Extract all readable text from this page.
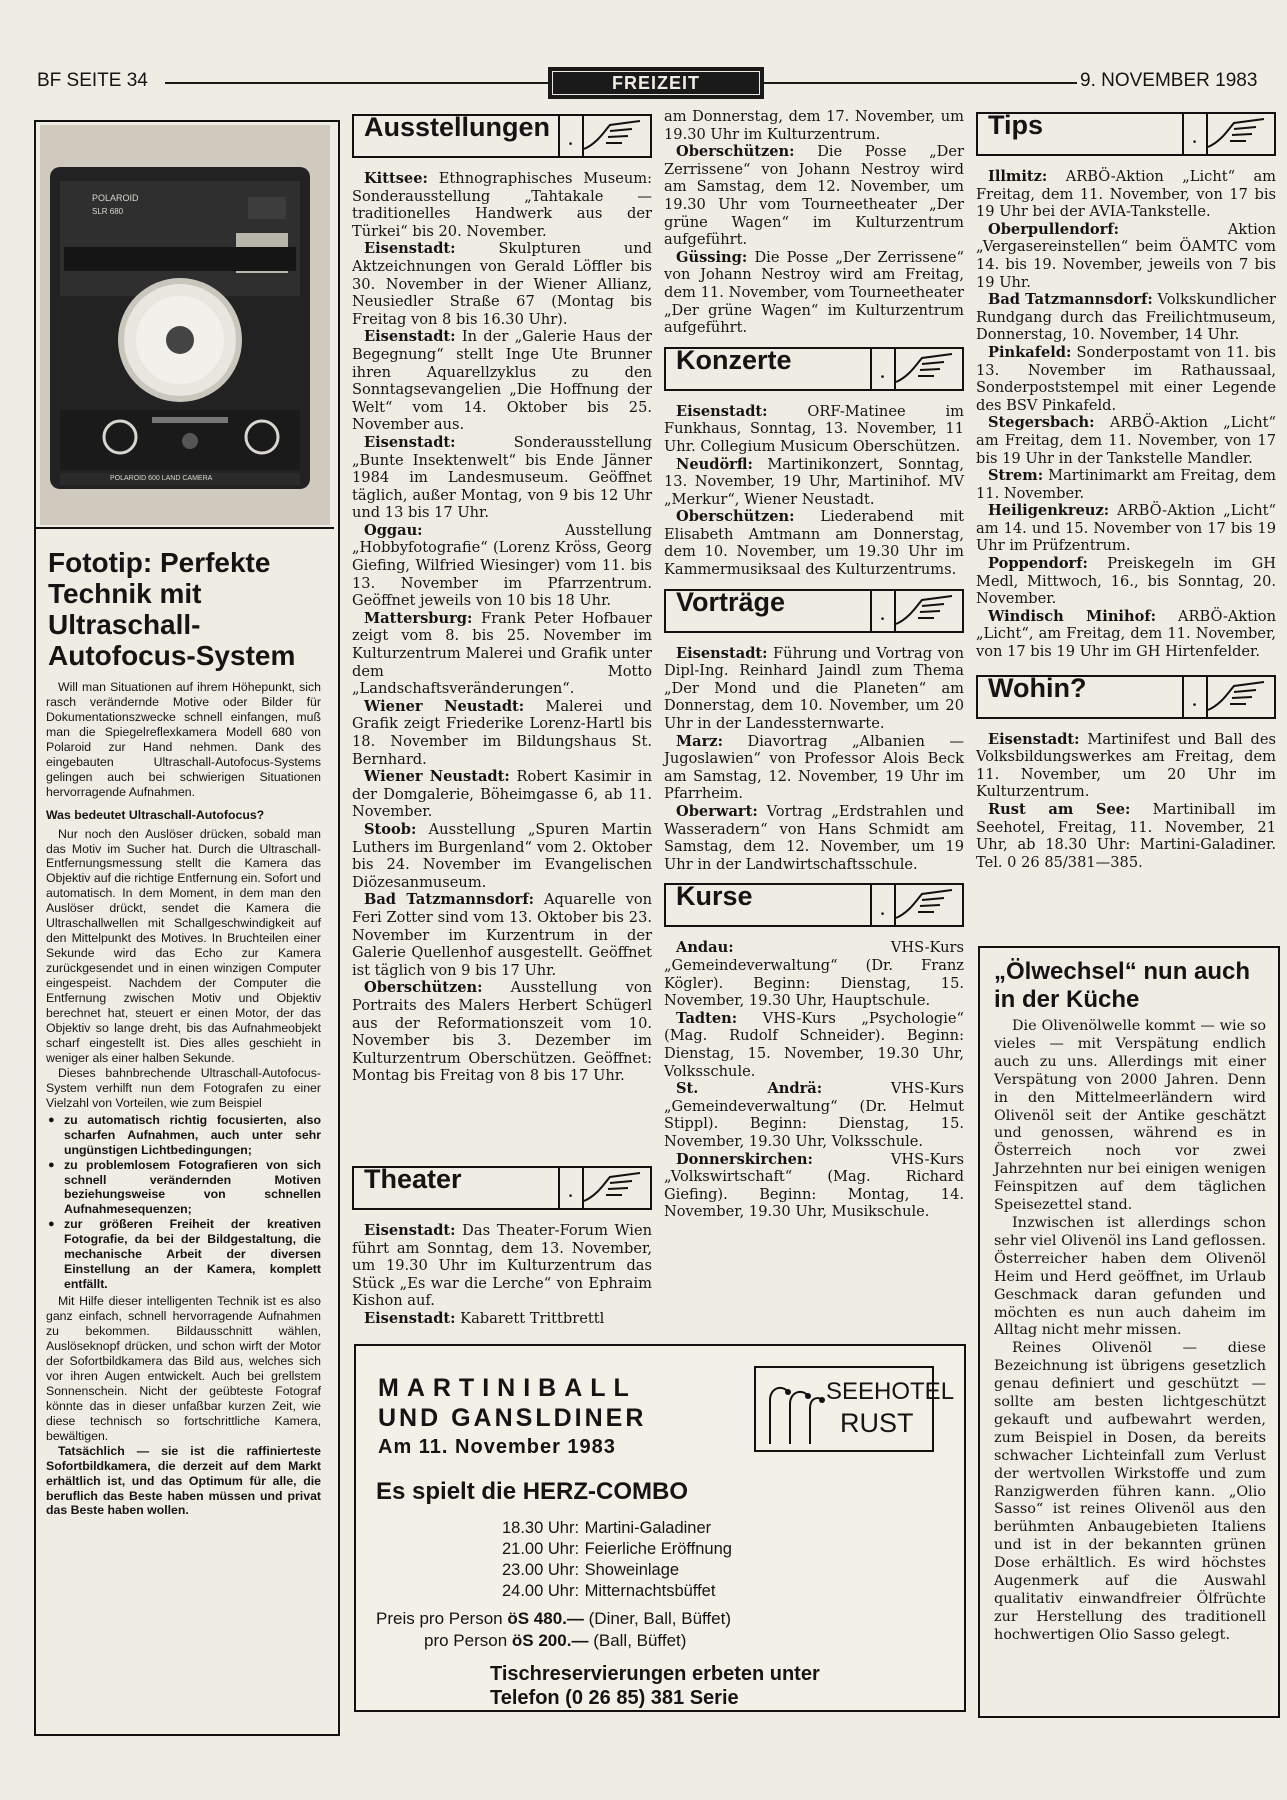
BF SEITE 34	FREIZEIT	9. NOVEMBER 1983
POLAROID
SLR 680
POLAROID 600 LAND CAMERA
Fototip: Perfekte Technik mit Ultraschall-Autofocus-System

Will man Situationen auf ihrem Höhepunkt, sich rasch verändernde Motive oder Bilder für Dokumentationszwecke schnell einfangen, muß man die Spiegelreflexkamera Modell 680 von Polaroid zur Hand nehmen. Dank des eingebauten Ultraschall-Autofocus-Systems gelingen auch bei schwierigen Situationen hervorragende Aufnahmen.

Was bedeutet Ultraschall-Autofocus?

Nur noch den Auslöser drücken, sobald man das Motiv im Sucher hat. Durch die Ultraschall-Entfernungsmessung stellt die Kamera das Objektiv auf die richtige Entfernung ein. Sofort und automatisch. In dem Moment, in dem man den Auslöser drückt, sendet die Kamera die Ultraschallwellen mit Schallgeschwindigkeit auf den Mittelpunkt des Motives. In Bruchteilen einer Sekunde wird das Echo zur Kamera zurückgesendet und in einen winzigen Computer eingespeist. Nachdem der Computer die Entfernung zwischen Motiv und Objektiv berechnet hat, steuert er einen Motor, der das Objektiv so lange dreht, bis das Aufnahmeobjekt scharf eingestellt ist. Dies alles geschieht in weniger als einer halben Sekunde.

Dieses bahnbrechende Ultraschall-Autofocus-System verhilft nun dem Fotografen zu einer Vielzahl von Vorteilen, wie zum Beispiel

● zu automatisch richtig focusierten, also scharfen Aufnahmen, auch unter sehr ungünstigen Lichtbedingungen;
● zu problemlosem Fotografieren von sich schnell verändernden Motiven beziehungsweise von schnellen Aufnahmesequenzen;
● zur größeren Freiheit der kreativen Fotografie, da bei der Bildgestaltung, die mechanische Arbeit der diversen Einstellung an der Kamera, komplett entfällt.

Mit Hilfe dieser intelligenten Technik ist es also ganz einfach, schnell hervorragende Aufnahmen zu bekommen. Bildausschnitt wählen, Auslöseknopf drücken, und schon wirft der Motor der Sofortbildkamera das Bild aus, welches sich vor ihren Augen entwickelt. Auch bei grellstem Sonnenschein. Nicht der geübteste Fotograf könnte das in dieser unfaßbar kurzen Zeit, wie diese technisch so fortschrittliche Kamera, bewältigen.

Tatsächlich — sie ist die raffinierteste Sofortbildkamera, die derzeit auf dem Markt erhältlich ist, und das Optimum für alle, die beruflich das Beste haben müssen und privat das Beste haben wollen.

Ausstellungen .

Kittsee: Ethnographisches Museum: Sonderausstellung „Tahtakale — traditionelles Handwerk aus der Türkei“ bis 20. November.

Eisenstadt:	Skulpturen und Aktzeichnungen von Gerald Löffler bis 30. November in der Wiener Allianz, Neusiedler Straße 67 (Montag bis Freitag von 8 bis 16.30 Uhr).

Eisenstadt: In der „Galerie Haus der Begegnung“ stellt Inge Ute Brunner ihren Aquarellzyklus zu den Sonntagsevangelien „Die Hoffnung der Welt“ vom 14. Oktober bis 25. November aus.

Eisenstadt:	Sonderausstellung „Bunte Insektenwelt“ bis Ende Jänner 1984 im Landesmuseum. Geöffnet täglich, außer Montag, von 9 bis 12 Uhr und 13 bis 17 Uhr.

Oggau:	Ausstellung „Hobbyfotografie“ (Lorenz Kröss, Georg Giefing, Wilfried Wiesinger) vom 11. bis 13. November im Pfarrzentrum. Geöffnet jeweils von 10 bis 18 Uhr.

Mattersburg: Frank Peter Hofbauer zeigt vom 8. bis 25. November im Kulturzentrum Malerei und Grafik unter dem Motto „Landschaftsveränderungen“.

Wiener Neustadt: Malerei und Grafik zeigt Friederike Lorenz-Hartl bis 18. November im Bildungshaus St. Bernhard.

Wiener Neustadt: Robert Kasimir in der Domgalerie, Böheimgasse 6, ab 11. November.

Stoob: Ausstellung „Spuren Martin Luthers im Burgenland“ vom 2. Oktober bis 24. November im Evangelischen Diözesanmuseum.

Bad Tatzmannsdorf: Aquarelle von Feri Zotter sind vom 13. Oktober bis 23. November im Kurzentrum in der Galerie Quellenhof ausgestellt. Geöffnet ist täglich von 9 bis 17 Uhr.

Oberschützen: Ausstellung von Portraits des Malers Herbert Schügerl aus der Reformationszeit vom 10. November bis 3. Dezember im Kulturzentrum Oberschützen. Geöffnet: Montag bis Freitag von 8 bis 17 Uhr.

Theater	.

Eisenstadt: Das Theater-Forum Wien führt am Sonntag, dem 13. November, um 19.30 Uhr im Kulturzentrum das Stück „Es war die Lerche“ von Ephraim Kishon auf.

Eisenstadt: Kabarett Trittbrettl

am Donnerstag, dem 17. November, um 19.30 Uhr im Kulturzentrum.

Oberschützen: Die Posse „Der Zerrissene“ von Johann Nestroy wird am Samstag, dem 12. November, um 19.30 Uhr vom Tourneetheater „Der grüne Wagen“ im Kulturzentrum aufgeführt.

Güssing: Die Posse „Der Zerrissene“ von Johann Nestroy wird am Freitag, dem 11. November, vom Tourneetheater „Der grüne Wagen“ im Kulturzentrum aufgeführt.

Konzerte	.

Eisenstadt:	ORF-Matinee im Funkhaus, Sonntag, 13. November, 11 Uhr. Collegium Musicum Oberschützen.

Neudörfl: Martinikonzert, Sonntag, 13. November, 19 Uhr, Martinihof. MV „Merkur“, Wiener Neustadt.

Oberschützen: Liederabend mit Elisabeth Amtmann am Donnerstag, dem 10. November, um 19.30 Uhr im Kammermusiksaal des Kulturzentrums.

Vorträge	.

Eisenstadt: Führung und Vortrag von Dipl-Ing. Reinhard Jaindl zum Thema „Der Mond und die Planeten“ am Donnerstag, dem 10. November, um 20 Uhr in der Landessternwarte.

Marz: Diavortrag „Albanien — Jugoslawien“ von Professor Alois Beck am Samstag, 12. November, 19 Uhr im Pfarrheim.

Oberwart: Vortrag „Erdstrahlen und Wasseradern“ von Hans Schmidt am Samstag, dem 12. November, um 19 Uhr in der Landwirtschaftsschule.

Kurse	.

Andau:	VHS-Kurs „Gemeindeverwaltung“ (Dr. Franz Kögler). Beginn: Dienstag, 15. November, 19.30 Uhr, Hauptschule.

Tadten: VHS-Kurs „Psychologie“ (Mag. Rudolf Schneider). Beginn: Dienstag, 15. November, 19.30 Uhr, Volksschule.

St. Andrä:	VHS-Kurs „Gemeindeverwaltung“ (Dr. Helmut Stippl). Beginn: Dienstag, 15. November, 19.30 Uhr, Volksschule.

Donnerskirchen:	VHS-Kurs „Volkswirtschaft“ (Mag. Richard Giefing). Beginn: Montag, 14. November, 19.30 Uhr, Musikschule.

Tips	.

Illmitz: ARBÖ-Aktion „Licht“ am Freitag, dem 11. November, von 17 bis 19 Uhr bei der AVIA-Tankstelle.

Oberpullendorf:	Aktion „Vergasereinstellen“ beim ÖAMTC vom 14. bis 19. November, jeweils von 7 bis 19 Uhr.

Bad Tatzmannsdorf: Volkskundlicher Rundgang durch das Freilichtmuseum, Donnerstag, 10. November, 14 Uhr.

Pinkafeld: Sonderpostamt von 11. bis 13. November im Rathaussaal, Sonderpoststempel mit einer Legende des BSV Pinkafeld.

Stegersbach: ARBÖ-Aktion „Licht“ am Freitag, dem 11. November, von 17 bis 19 Uhr in der Tankstelle Mandler.

Strem: Martinimarkt am Freitag, dem 11. November.

Heiligenkreuz: ARBÖ-Aktion „Licht“ am 14. und 15. November von 17 bis 19 Uhr im Prüfzentrum.

Poppendorf: Preiskegeln im GH Medl, Mittwoch, 16., bis Sonntag, 20. November.

Windisch Minihof: ARBÖ-Aktion „Licht“, am Freitag, dem 11. November, von 17 bis 19 Uhr im GH Hirtenfelder.

Wohin?	.

Eisenstadt: Martinifest und Ball des Volksbildungswerkes am Freitag, dem 11. November, um 20 Uhr im Kulturzentrum.

Rust am See: Martiniball im Seehotel, Freitag, 11. November, 21 Uhr, ab 18.30 Uhr: Martini-Galadiner. Tel. 0 26 85/381—385.

„Ölwechsel“ nun auch in der Küche

Die Olivenölwelle kommt — wie so vieles — mit Verspätung endlich auch zu uns. Allerdings mit einer Verspätung von 2000 Jahren. Denn in den Mittelmeerländern wird Olivenöl seit der Antike geschätzt und genossen, während es in Österreich noch vor zwei Jahrzehnten nur bei einigen wenigen Feinspitzen auf dem täglichen Speisezettel stand.

Inzwischen ist allerdings schon sehr viel Olivenöl ins Land geflossen. Österreicher haben dem Olivenöl Heim und Herd geöffnet, im Urlaub Geschmack daran gefunden und möchten es nun auch daheim im Alltag nicht mehr missen.

Reines Olivenöl — diese Bezeichnung ist übrigens gesetzlich genau definiert und geschützt — sollte am besten lichtgeschützt gekauft und aufbewahrt werden, zum Beispiel in Dosen, da bereits schwacher Lichteinfall zum Verlust der wertvollen Wirkstoffe und zum Ranzigwerden führen kann. „Olio Sasso“ ist reines Olivenöl aus den berühmten Anbaugebieten Italiens und ist in der bekannten grünen Dose erhältlich. Es wird höchstes Augenmerk auf die Auswahl qualitativ einwandfreier Ölfrüchte zur Herstellung des traditionell hochwertigen Olio Sasso gelegt.

MARTINIBALL
UND GANSLDINER
Am 11. November 1983
SEEHOTEL
RUST
Es spielt die HERZ-COMBO
18.30 Uhr: Martini-Galadiner
21.00 Uhr: Feierliche Eröffnung
23.00 Uhr: Showeinlage
24.00 Uhr: Mitternachtsbüffet
Preis pro Person öS 480.— (Diner, Ball, Büffet)
pro Person öS 200.— (Ball, Büffet)
Tischreservierungen erbeten unter
Telefon (0 26 85) 381 Serie
